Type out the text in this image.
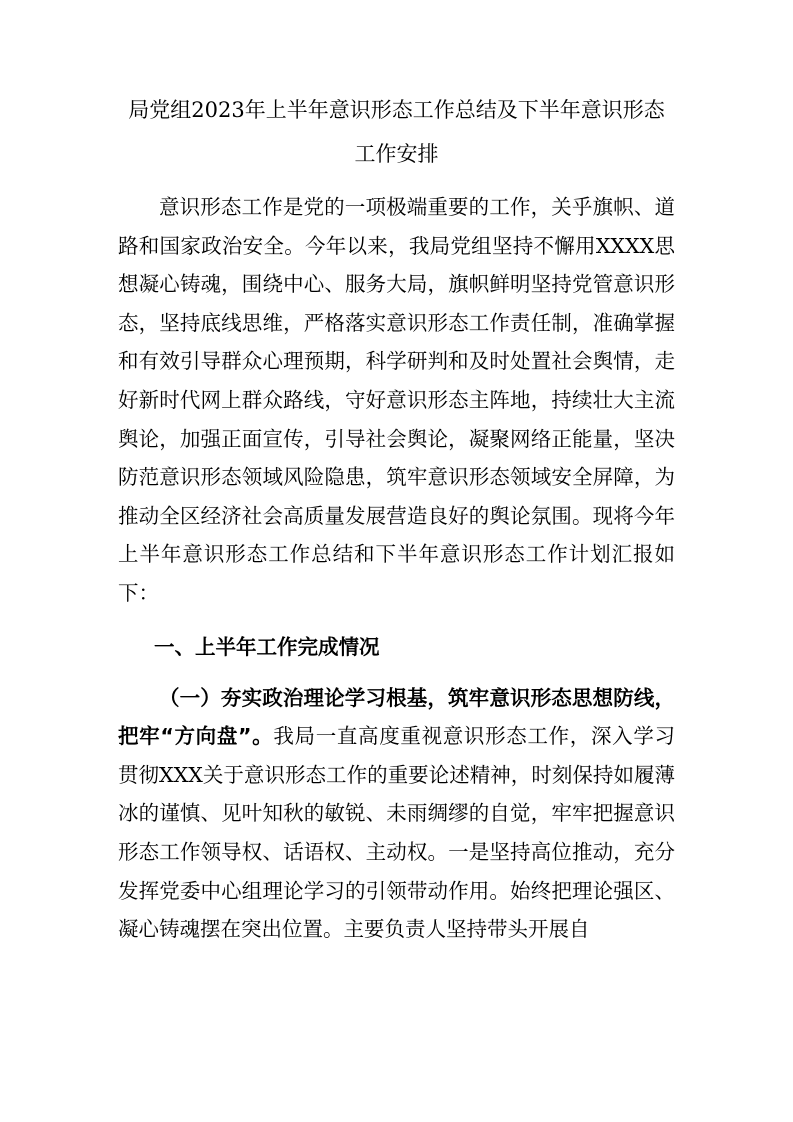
局党组2023年上半年意识形态工作总结及下半年意识形态
工作安排

意识形态工作是党的一项极端重要的工作，关乎旗帜、道路和国家政治安全。今年以来，我局党组坚持不懈用XXXX思想凝心铸魂，围绕中心、服务大局，旗帜鲜明坚持党管意识形态，坚持底线思维，严格落实意识形态工作责任制，准确掌握和有效引导群众心理预期，科学研判和及时处置社会舆情，走好新时代网上群众路线，守好意识形态主阵地，持续壮大主流舆论，加强正面宣传，引导社会舆论，凝聚网络正能量，坚决防范意识形态领域风险隐患，筑牢意识形态领域安全屏障，为推动全区经济社会高质量发展营造良好的舆论氛围。现将今年上半年意识形态工作总结和下半年意识形态工作计划汇报如下：

一、上半年工作完成情况

（一）夯实政治理论学习根基，筑牢意识形态思想防线，把牢“方向盘”。我局一直高度重视意识形态工作，深入学习贯彻XXX关于意识形态工作的重要论述精神，时刻保持如履薄冰的谨慎、见叶知秋的敏锐、未雨绸缪的自觉，牢牢把握意识形态工作领导权、话语权、主动权。一是坚持高位推动，充分发挥党委中心组理论学习的引领带动作用。始终把理论强区、凝心铸魂摆在突出位置。主要负责人坚持带头开展自
